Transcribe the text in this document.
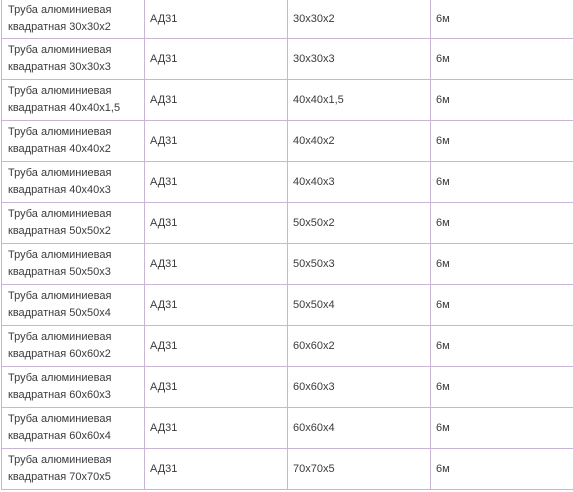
Труба алюминиевая
квадратная 30x30x2	АД31	30x30x2	6м

Труба алюминиевая
квадратная 30x30x3	АД31	30x30x3	6м

Труба алюминиевая
квадратная 40x40x1,5	АД31	40x40x1,5	6м

Труба алюминиевая
квадратная 40x40x2	АД31	40x40x2	6м

Труба алюминиевая
квадратная 40x40x3	АД31	40x40x3	6м

Труба алюминиевая
квадратная 50x50x2	АД31	50x50x2	6м

Труба алюминиевая
квадратная 50x50x3	АД31	50x50x3	6м

Труба алюминиевая
квадратная 50x50x4	АД31	50x50x4	6м

Труба алюминиевая
квадратная 60x60x2	АД31	60x60x2	6м

Труба алюминиевая
квадратная 60x60x3	АД31	60x60x3	6м

Труба алюминиевая
квадратная 60x60x4	АД31	60x60x4	6м

Труба алюминиевая
квадратная 70x70x5	АД31	70x70x5	6м
